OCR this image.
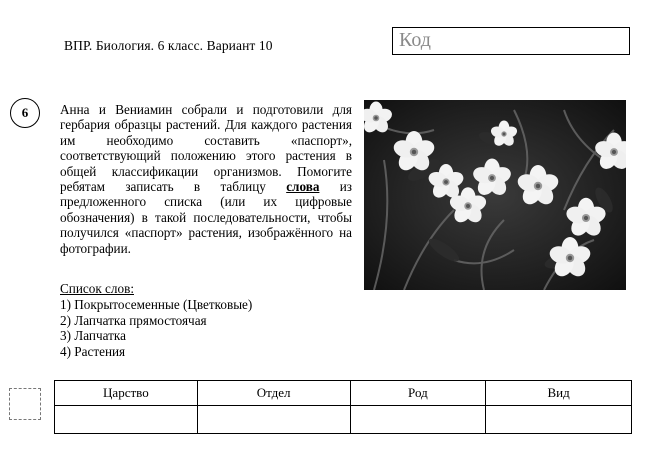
ВПР. Биология. 6 класс. Вариант 10	Код
6	Анна и Вениамин собрали и подготовили для гербария образцы растений. Для каждого растения им необходимо составить «паспорт», соответствующий положению этого растения в общей классификации организмов. Помогите ребятам записать в таблицу слова из предложенного списка (или их цифровые обозначения) в такой последовательности, чтобы получился «паспорт» растения, изображённого на фотографии.
Список слов:
1) Покрытосеменные (Цветковые)
2) Лапчатка прямостоячая
3) Лапчатка
4) Растения
Царство	Отдел	Род	Вид
